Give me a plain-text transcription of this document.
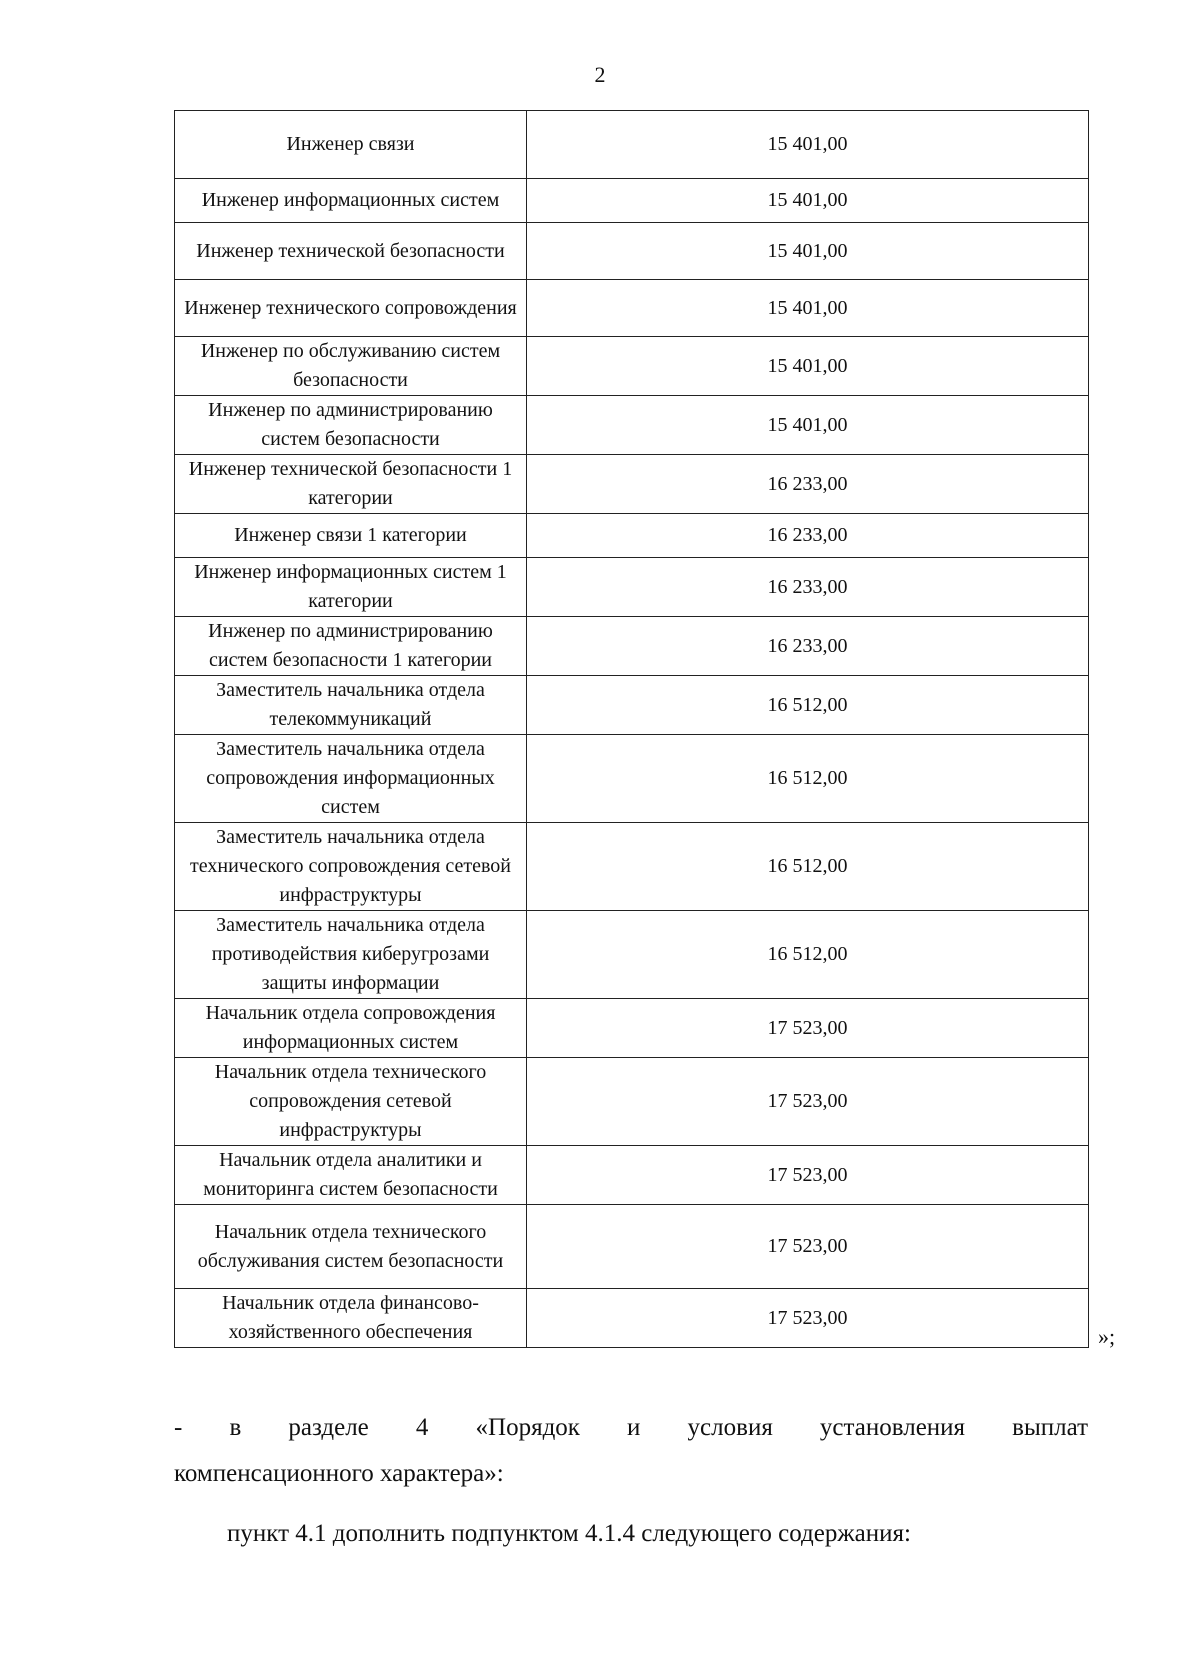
2
Инженер связи	15 401,00
Инженер информационных систем	15 401,00
Инженер технической безопасности	15 401,00
Инженер технического сопровождения	15 401,00
Инженер по обслуживанию систем безопасности	15 401,00
Инженер по администрированию систем безопасности	15 401,00
Инженер технической безопасности 1 категории	16 233,00
Инженер связи 1 категории	16 233,00
Инженер информационных систем 1 категории	16 233,00
Инженер по администрированию систем безопасности 1 категории	16 233,00
Заместитель начальника отдела телекоммуникаций	16 512,00
Заместитель начальника отдела сопровождения информационных систем	16 512,00
Заместитель начальника отдела технического сопровождения сетевой инфраструктуры	16 512,00
Заместитель начальника отдела противодействия киберугрозами защиты информации	16 512,00
Начальник отдела сопровождения информационных систем	17 523,00
Начальник отдела технического сопровождения сетевой инфраструктуры	17 523,00
Начальник отдела аналитики и мониторинга систем безопасности	17 523,00
Начальник отдела технического обслуживания систем безопасности	17 523,00
Начальник отдела финансово-хозяйственного обеспечения	17 523,00
»;
- в разделе 4 «Порядок и условия установления выплат
компенсационного характера»:
пункт 4.1 дополнить подпунктом 4.1.4 следующего содержания:
